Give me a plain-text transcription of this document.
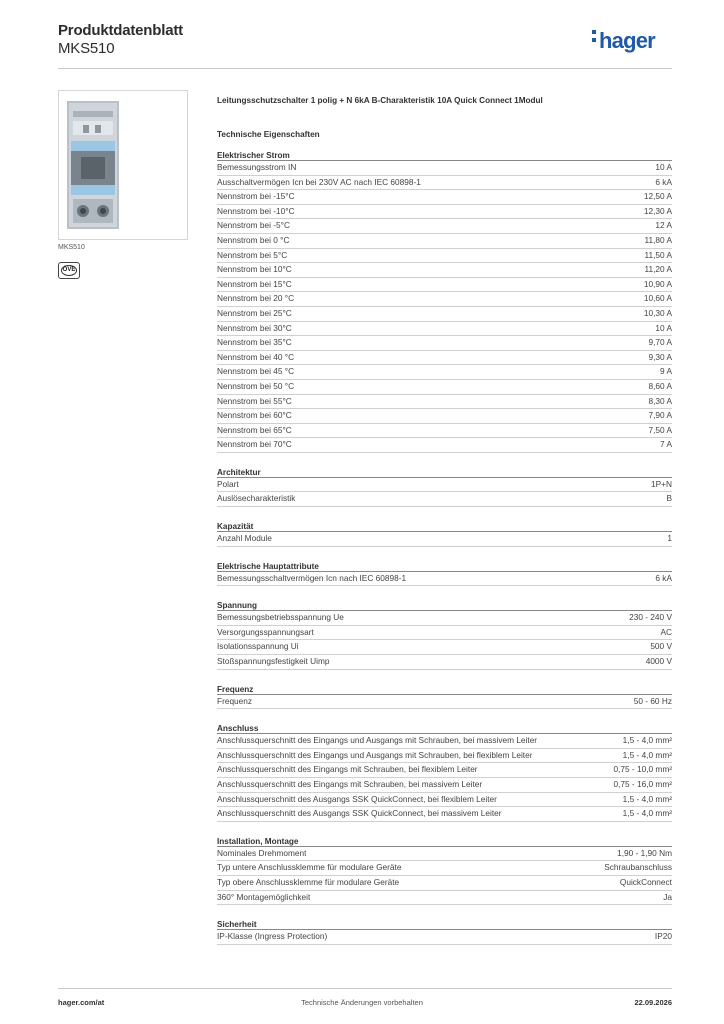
Produktdatenblatt
MKS510	hager
MKS510
ÖVE
Leitungsschutzschalter 1 polig + N 6kA B-Charakteristik 10A Quick Connect 1Modul
Technische Eigenschaften
Elektrischer Strom
Bemessungsstrom IN	10 A
Ausschaltvermögen Icn bei 230V AC nach IEC 60898-1	6 kA
Nennstrom bei -15°C	12,50 A
Nennstrom bei -10°C	12,30 A
Nennstrom bei -5°C	12 A
Nennstrom bei 0 °C	11,80 A
Nennstrom bei 5°C	11,50 A
Nennstrom bei 10°C	11,20 A
Nennstrom bei 15°C	10,90 A
Nennstrom bei 20 °C	10,60 A
Nennstrom bei 25°C	10,30 A
Nennstrom bei 30°C	10 A
Nennstrom bei 35°C	9,70 A
Nennstrom bei 40 °C	9,30 A
Nennstrom bei 45 °C	9 A
Nennstrom bei 50 °C	8,60 A
Nennstrom bei 55°C	8,30 A
Nennstrom bei 60°C	7,90 A
Nennstrom bei 65°C	7,50 A
Nennstrom bei 70°C	7 A
Architektur
Polart	1P+N
Auslösecharakteristik	B
Kapazität
Anzahl Module	1
Elektrische Hauptattribute
Bemessungsschaltvermögen Icn nach IEC 60898-1	6 kA
Spannung
Bemessungsbetriebsspannung Ue	230 - 240 V
Versorgungsspannungsart	AC
Isolationsspannung Ui	500 V
Stoßspannungsfestigkeit Uimp	4000 V
Frequenz
Frequenz	50 - 60 Hz
Anschluss
Anschlussquerschnitt des Eingangs und Ausgangs mit Schrauben, bei massivem Leiter	1,5 - 4,0 mm²
Anschlussquerschnitt des Eingangs und Ausgangs mit Schrauben, bei flexiblem Leiter	1,5 - 4,0 mm²
Anschlussquerschnitt des Eingangs mit Schrauben, bei flexiblem Leiter	0,75 - 10,0 mm²
Anschlussquerschnitt des Eingangs mit Schrauben, bei massivem Leiter	0,75 - 16,0 mm²
Anschlussquerschnitt des Ausgangs SSK QuickConnect, bei flexiblem Leiter	1,5 - 4,0 mm²
Anschlussquerschnitt des Ausgangs SSK QuickConnect, bei massivem Leiter	1,5 - 4,0 mm²
Installation, Montage
Nominales Drehmoment	1,90 - 1,90 Nm
Typ untere Anschlussklemme für modulare Geräte	Schraubanschluss
Typ obere Anschlussklemme für modulare Geräte	QuickConnect
360° Montagemöglichkeit	Ja
Sicherheit
IP-Klasse (Ingress Protection)	IP20
hager.com/at	Technische Änderungen vorbehalten	22.09.2026
